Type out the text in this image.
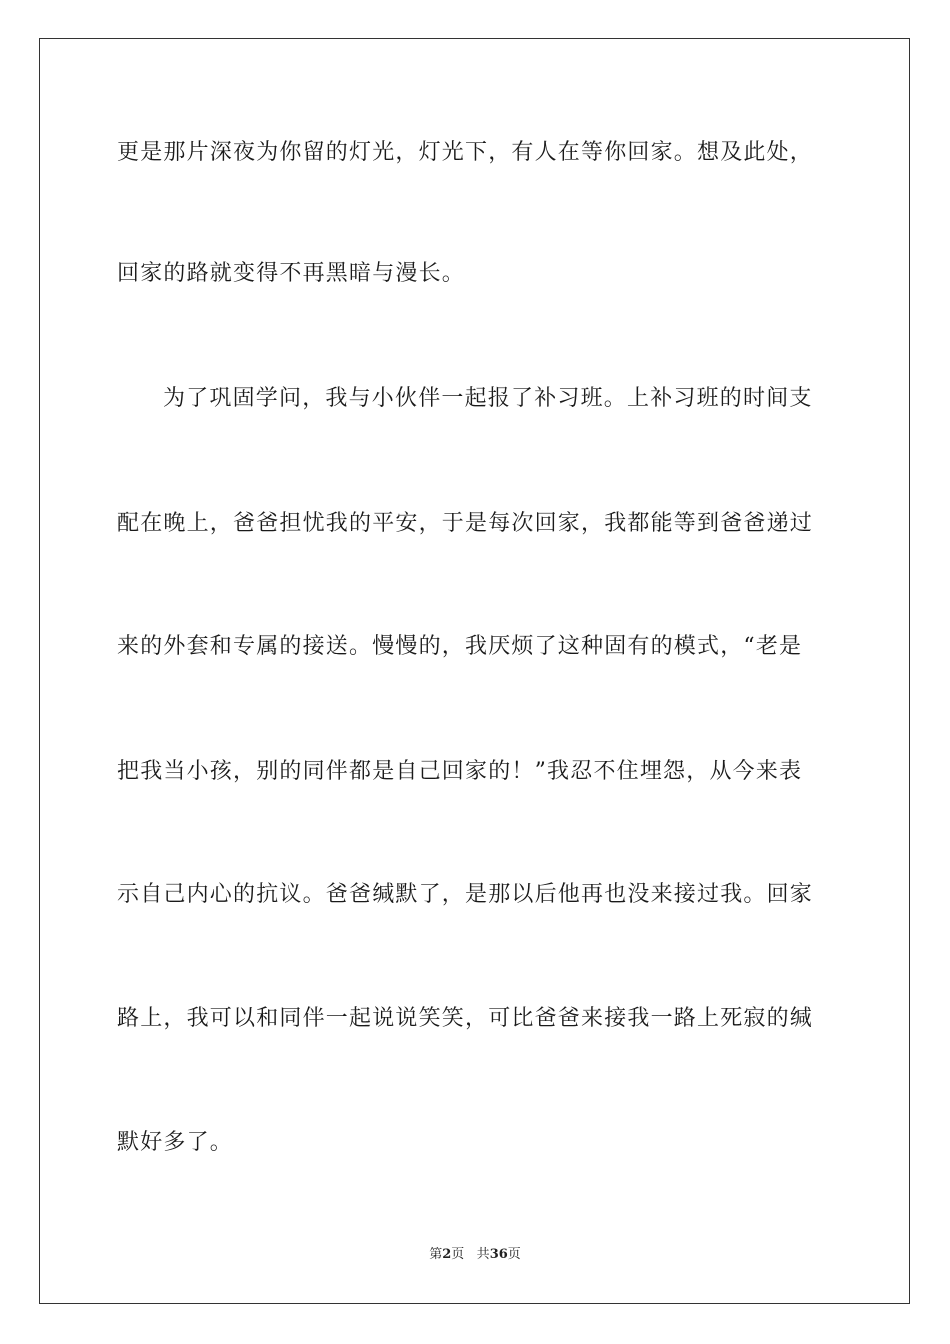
更是那片深夜为你留的灯光，灯光下，有人在等你回家。想及此处，
回家的路就变得不再黑暗与漫长。
为了巩固学问，我与小伙伴一起报了补习班。上补习班的时间支
配在晚上，爸爸担忧我的平安，于是每次回家，我都能等到爸爸递过
来的外套和专属的接送。慢慢的，我厌烦了这种固有的模式，“老是
把我当小孩，别的同伴都是自己回家的！”我忍不住埋怨，从今来表
示自己内心的抗议。爸爸缄默了，是那以后他再也没来接过我。回家
路上，我可以和同伴一起说说笑笑，可比爸爸来接我一路上死寂的缄
默好多了。
第2页 共36页
